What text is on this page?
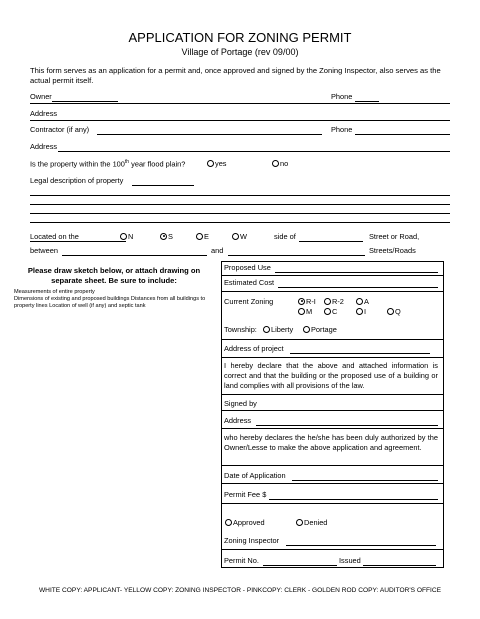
APPLICATION FOR ZONING PERMIT
Village of Portage (rev 09/00)
This form serves as an application for a permit and, once approved and signed by the Zoning Inspector, also serves as the actual permit itself.
Owner	Phone
Address
Contractor (if any)	Phone
Address
Is the property within the 100th year flood plain?	yes	no
Legal description of property
Located on the	N	S	E	W	side of	Street or Road,
between	and	Streets/Roads
Please draw sketch below, or attach drawing on separate sheet. Be sure to include:
Measurements of entire property
Dimensions of existing and proposed buildings Distances from all buildings to property lines Location of well (if any) and septic tank
Proposed Use
Estimated Cost
Current Zoning	R-I	R-2	A
M	C	I	Q
Township:	Liberty	Portage
Address of project
I hereby declare that the above and attached information is correct and that the building or the proposed use of a building or land complies with all provisions of the law.
Signed by
Address
who hereby declares the he/she has been duly authorized by the Owner/Lesse to make the above application and agreement.
Date of Application
Permit Fee $
Approved	Denied
Zoning Inspector
Permit No.	Issued
WHITE COPY: APPLICANT- YELLOW COPY: ZONING INSPECTOR - PINKCOPY: CLERK - GOLDEN ROD COPY: AUDITOR'S OFFICE
